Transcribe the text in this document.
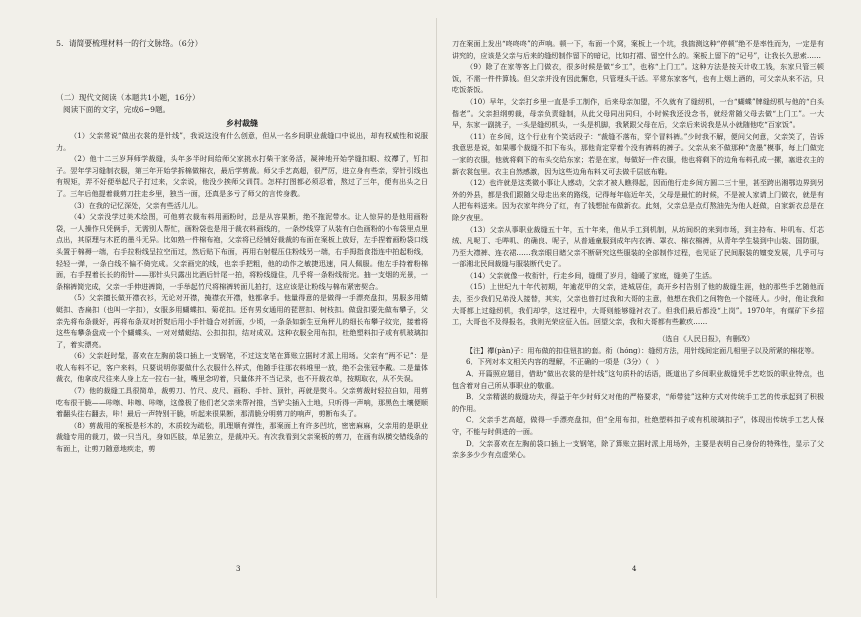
5．请简要梳理材料一的行文脉络。（6分）

（二）现代文阅读（本题共1小题，16分）

阅读下面的文字，完成6~9题。

乡村裁缝

（1）父亲常说“做出衣裳的是针线”，我说这没有什么创意，但从一名乡间职业裁缝口中说出，却有权威性和说服力。

（2）他十二三岁拜师学裁缝，头年多半时间给师父家挑水打柴干家务活，凝神地开始学缝扣眼、纹襻了，钉扣子。翌年学习缝制衣服，第三年开始学拆棉做棉衣，最后学剪裁。师父手艺高超，很严厉，进立身有些亲，穿针引线也有规矩，弄不好便举起尺子打过来，父亲说，他没少挨师父训罚。怎样打图都必须忍着，熬过了三年，便有出头之日了。三年后他提着裁剪刀拄走乡里，独当一面，还真是多亏了师父的言传身教。

（3）在我的记忆深处，父亲有些活儿儿。

（4）父亲没学过美术绘图，可他剪衣裁布料用画粉时，总是从容果断，绝不拖泥带水。让人惊异的是他用画粉袋，一人操作只凭俩手，无需别人帮忙，画粉袋也是用于裁衣料画线的，一条纱线穿了从装有白色画粉的小布袋里点里点出，其原理与木匠的墨斗无异。比如熟一件棉布袍，父亲将已经铺好裁裁的布面在案板上放好，左手捏着画粉袋口线头置于棉褥一端，右手拉粉线呈拉空而过，然后贴下布面，再用右射棍压住粉线另一端，右手拇指食指连中拍起粉线，轻轻一弹，一条白线不偏不倚完成。父亲画完的线，也亲手把粗，他的动作之敏捷迅速，同人佩服。他左手持着粉棉面，右手捏着长长的衔针——那针头只露出比酒后针尾一拍，将粉线缝住，几乎将一条粉线衔完。抽一支烟的光景，一条棉裤简完成，父亲一手伸进裤筒，一手举起竹尺将棉裤转面儿拍打，这应该是让粉线与棉布紧密契合。

（5）父亲擅长做开襟衣衫，无论对开襟，掩襟衣开襟，他都拿手。他量得意的是做得一手漂亮盘扣，男服多用蜻蜓扣、杏扁扣（也叫一字扣），女服多用蝴蝶扣、菊花扣。还有男女通用的琵琶扣、树枝扣。做盘扣要先做布攀子，父亲先将布条裁好，再将布条双对折熨后用小手针缝合对折面，少顷，一条条如新生豆角秤儿的细长布攀子纹完，接着将这些布攀条盘成一个个蝴蝶头、一对对蜻蜓结、公扣扣扣，结对成双。这种衣服全用布扣，杜绝塑料扣子或有机玻璃扣了，着实漂亮。

（6）父亲赶时髦，喜欢在左胸前袋口插上一支钢笔，不过这支笔在算账立据时才派上用场。父亲有“两不记”：是收人布料不记，客户来料，只要说明你要做什么衣服什么样式，他随手往那衣料堆里一放，绝不会张冠李戴。二是量体裁衣，他拿皮尺往来人身上左一拉右一扯，嘴里念叨着，只量体并不当记录，也不开裁衣单，按期取衣，从不失误。

（7）他的裁缝工具很简单，裁剪刀、竹尺、皮尺、画粉、手针、顶针，再就是熨斗。父亲剪裁时轻拉自如，用剪吃布很干脆——咔嚓、咔嚓、咔嚓，这像极了他们老父亲来帮衬推，当铲尖插入土地，只听得一声响，那黑色土壤便顺着翻头往右翻去，咔！最后一声特别干脆，听起来很果断，那清脆分明剪刀的响声，剪断布头了。

（8）剪裁用的案板是杉木的，木质较为疏松，肌理顺有弹性，那案面上有许多凹坑，密密麻麻，父亲用的是职业裁缝专用的裁刀，做一只当凡，身如匹肢，单足独立，是裁冲天。有次我看到父亲案板的剪刀，在画有纵横交错线条的布面上，让剪刀随意地疾走，剪

3

刀在案面上发出“咚咚咚”的声响。顿一下，布面一个窝，案板上一个坑，我揣测这种“停顿”绝不是率性而为，一定是有讲究的，应该是父亲与后来的缝纫制作留下的暗记，比如打褶、留空什么的。案板上留下的“记号”，让我长久思索……

（9）除了在家等客上门做衣，很多时候是做“乡工”，也称“上门工”。这种方法是按天计收工钱，东家只管三顿饭，不需一件件算钱。但父亲并没有因此懈怠，只管埋头干活。平常东家客气，也有上烟上酒的，可父亲从来不沾，只吃饭茶饭。

（10）早年，父亲打乡里一直是手工制作，后来母亲加盟，不久就有了缝纫机，一台“蝴蝶”牌缝纫机与他的“白头偕老”。父亲担纲剪裁，母亲负责缝制，从此父母同出同归，小时候我还没念书，就经常随父母去做“上门工”。一大早，东家一副挑子，一头是缝纫机头，一头是机脚，我紧跟父母在后，父亲后来说我是从小就随他吃“百家饭”。

（11）在乡间，这个行业有个笑话段子：“裁缝不落布，穿个冒料裤。”少时我不解，便问父何意，父亲笑了，告诉我意思是说，如果哪个裁缝不扣下布头，那他肯定穿着个没有裤料的裤子。父亲从来不做那种“贪墨”模事，每上门做完一家的衣服，他就将剩下的布头交给东家；若是在家，每做好一件衣服，他也将剩下的边角布料孔成一摞，塞进衣主的新衣裳包里。衣主自然感激，因为这些边角布料又可去做千层底布鞋。

（12）也许就是这类微小事让人感动，父亲才被人瞧得起，因而他行走乡间方圆二三十里，甚至跨出湘鄂边界到另外的外县，都是我们跟随父母走出来的路线，记得每年临近年关，父母是最忙的时候，不是被人家请上门做衣，就是有人把布料送来。因为衣家年终分了红，有了钱想扯布做新衣。此刻，父亲总是点灯熬油先为他人赶做，自家新衣总是在除夕夜里。

（13）父亲从事职业裁缝五十年，五十年来，他从手工到机制，从坊间织的来到市场，到主持布、咔叽布、灯芯绒、凡呢丁、毛哔叽、的确良、呢子，从普通童服到成年内衣裤、罩衣、棉衣棉裤，从青年学生装到中山装、国防服，乃至大襟裤、连衣裙……我亲眼目睹父亲不断研究这些服装的全部制作过程，也见证了民间服装的嬗变发展，几乎可与一部湘北民间裁缝与服装断代史了。

（14）父亲就像一枚衔针，行走乡间，缝缀了岁月，缝暖了家庭，缝美了生活。

（15）上世纪九十年代初期，年逾花甲的父亲，进城居住，高开乡村告别了他的裁缝生涯，他的那些手艺随他而去，至少我们兄弟没人接替，其实，父亲也曾打过我和大哥的主意，他想在我们之间物色一个接班人。少时，他让我和大哥都上过缝纫机，我们却学，这过程中，大哥则能够缝衬衣了。但我们最后都没“上岗”。1970年，有煤矿下乡招工，大哥也不及得报名，我则光荣应征入伍。回望父亲，我和大哥都有些歉疚……

（选自《人民日报》，有删改）

【注】襻(pàn)子：用布做的扣住钮扣的套。衔（hóng）：缝纫方法，用针线间定面几相里子以及所紧的棉花等。

6．下列对本文相关内容的理解，不正确的一项是（3分）（　）

A．开篇照应题目，借助“做出衣裳的是针线”这句质朴的话语，既道出了乡间职业裁缝凭手艺吃饭的职业特点，也包含着对自己所从事职业的敬重。

B．父亲精湛的裁缝功夫，得益于年少时师父对他的严格要求，“师带徒”这种方式对传统手工艺的传承起到了积极的作用。

C．父亲手艺高超，做得一手漂亮盘扣，但“全用布扣，杜绝塑料扣子或有机玻璃扣子”，体现出传统手工艺人保守，不能与时俱进的一面。

D．父亲喜欢在左胸前袋口插上一支钢笔，除了算账立据时派上用场外，主要是表明自己身份的特殊性，显示了父亲多多少少有点虚荣心。

4
